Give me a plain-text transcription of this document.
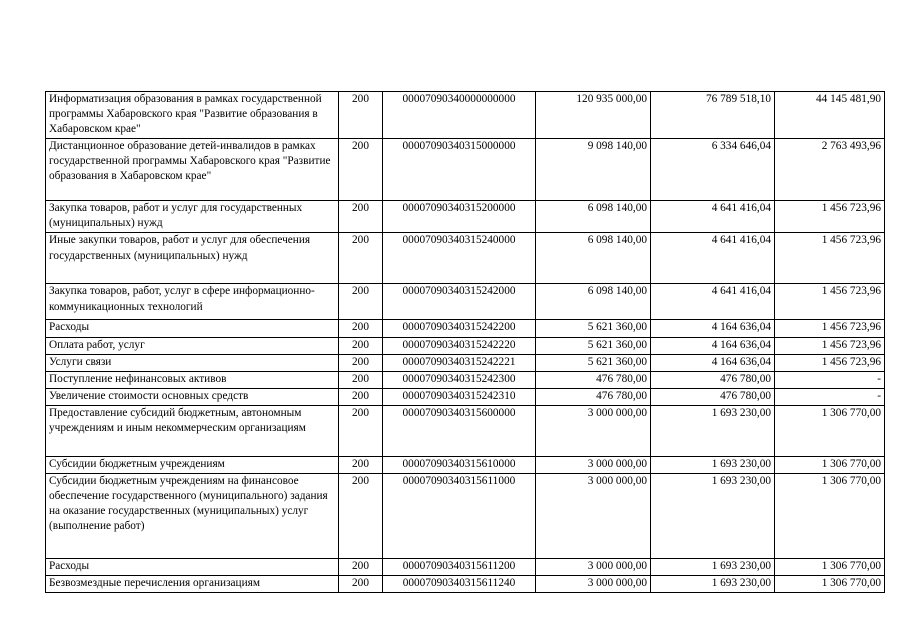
Информатизация образования в рамках государственной программы Хабаровского края "Развитие образования в Хабаровском крае"	200	00007090340000000000	120 935 000,00	76 789 518,10	44 145 481,90
Дистанционное образование детей-инвалидов в рамках государственной программы Хабаровского края "Развитие образования в Хабаровском крае"	200	00007090340315000000	9 098 140,00	6 334 646,04	2 763 493,96
Закупка товаров, работ и услуг для государственных (муниципальных) нужд	200	00007090340315200000	6 098 140,00	4 641 416,04	1 456 723,96
Иные закупки товаров, работ и услуг для обеспечения государственных (муниципальных) нужд	200	00007090340315240000	6 098 140,00	4 641 416,04	1 456 723,96
Закупка товаров, работ, услуг в сфере информационно-коммуникационных технологий	200	00007090340315242000	6 098 140,00	4 641 416,04	1 456 723,96
Расходы	200	00007090340315242200	5 621 360,00	4 164 636,04	1 456 723,96
Оплата работ, услуг	200	00007090340315242220	5 621 360,00	4 164 636,04	1 456 723,96
Услуги связи	200	00007090340315242221	5 621 360,00	4 164 636,04	1 456 723,96
Поступление нефинансовых активов	200	00007090340315242300	476 780,00	476 780,00	-
Увеличение стоимости основных средств	200	00007090340315242310	476 780,00	476 780,00	-
Предоставление субсидий бюджетным, автономным учреждениям и иным некоммерческим организациям	200	00007090340315600000	3 000 000,00	1 693 230,00	1 306 770,00
Субсидии бюджетным учреждениям	200	00007090340315610000	3 000 000,00	1 693 230,00	1 306 770,00
Субсидии бюджетным учреждениям на финансовое обеспечение государственного (муниципального) задания на оказание государственных (муниципальных) услуг (выполнение работ)	200	00007090340315611000	3 000 000,00	1 693 230,00	1 306 770,00
Расходы	200	00007090340315611200	3 000 000,00	1 693 230,00	1 306 770,00
Безвозмездные перечисления организациям	200	00007090340315611240	3 000 000,00	1 693 230,00	1 306 770,00
